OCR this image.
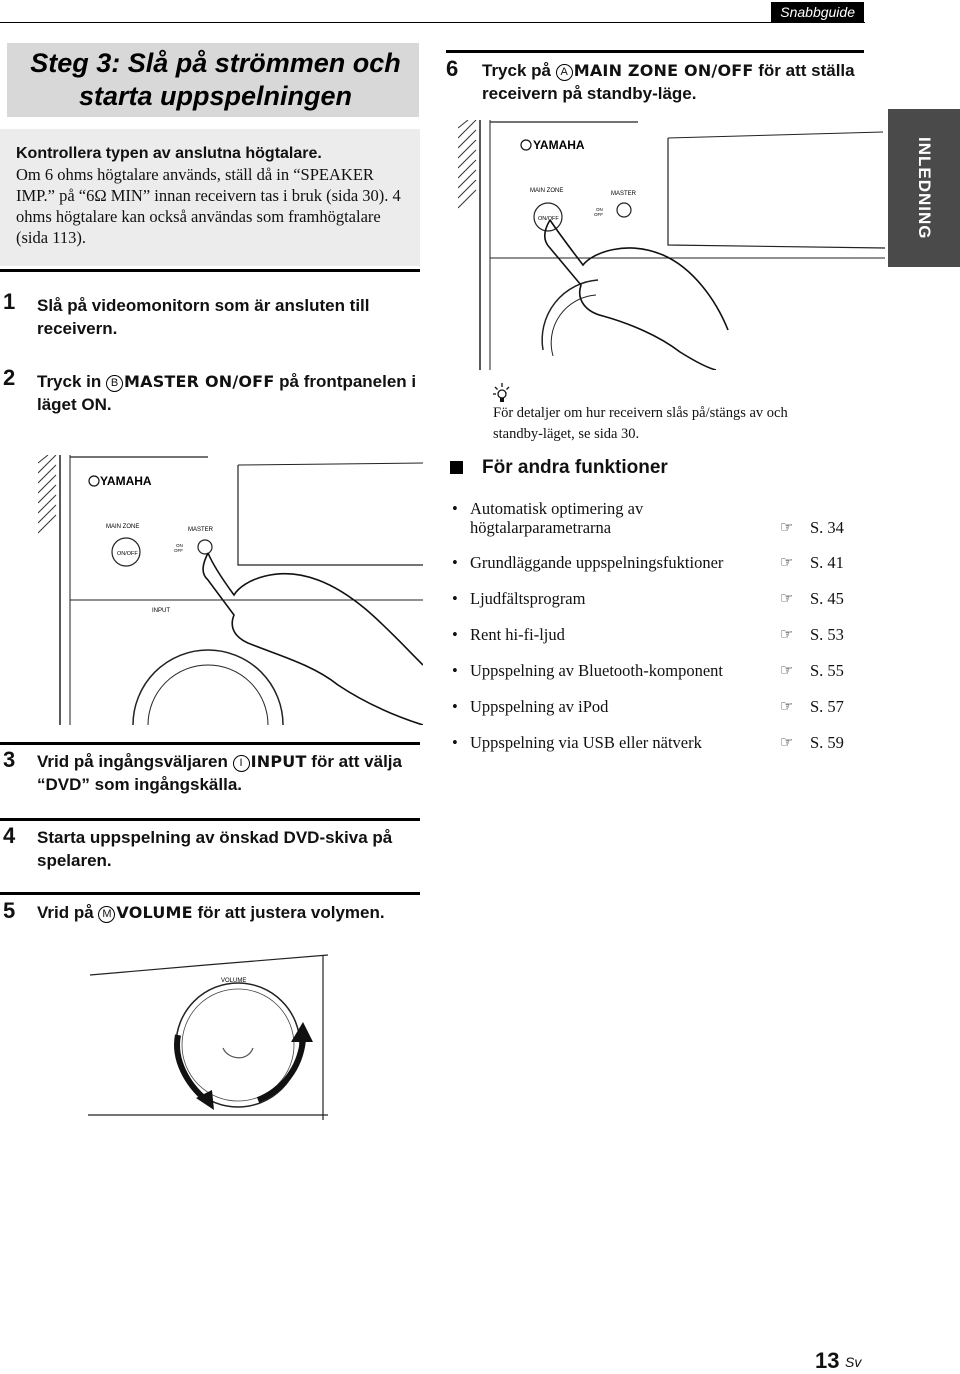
Snabbguide
Steg 3: Slå på strömmen och starta uppspelningen
Kontrollera typen av anslutna högtalare.
Om 6 ohms högtalare används, ställ då in “SPEAKER IMP.” på “6Ω MIN” innan receivern tas i bruk (sida 30). 4 ohms högtalare kan också användas som framhögtalare (sida 113).
1 Slå på videomonitorn som är ansluten till receivern.
2 Tryck in B MASTER ON/OFF på frontpanelen i läget ON.
YAMAHA
MAIN ZONE
ON/OFF
MASTER
ON
OFF
INPUT
3 Vrid på ingångsväljaren I INPUT för att välja “DVD” som ingångskälla.
4 Starta uppspelning av önskad DVD-skiva på spelaren.
5 Vrid på M VOLUME för att justera volymen.
VOLUME
6 Tryck på A MAIN ZONE ON/OFF för att ställa receivern på standby-läge.
YAMAHA
MAIN ZONE
ON/OFF
MASTER
ON
OFF
För detaljer om hur receivern slås på/stängs av och standby-läget, se sida 30.
För andra funktioner
• Automatisk optimering av högtalarparametrarna	☞ S. 34
• Grundläggande uppspelningsfuktioner	☞ S. 41
• Ljudfältsprogram	☞ S. 45
• Rent hi-fi-ljud	☞ S. 53
• Uppspelning av Bluetooth-komponent	☞ S. 55
• Uppspelning av iPod	☞ S. 57
• Uppspelning via USB eller nätverk	☞ S. 59
INLEDNING
13 Sv
